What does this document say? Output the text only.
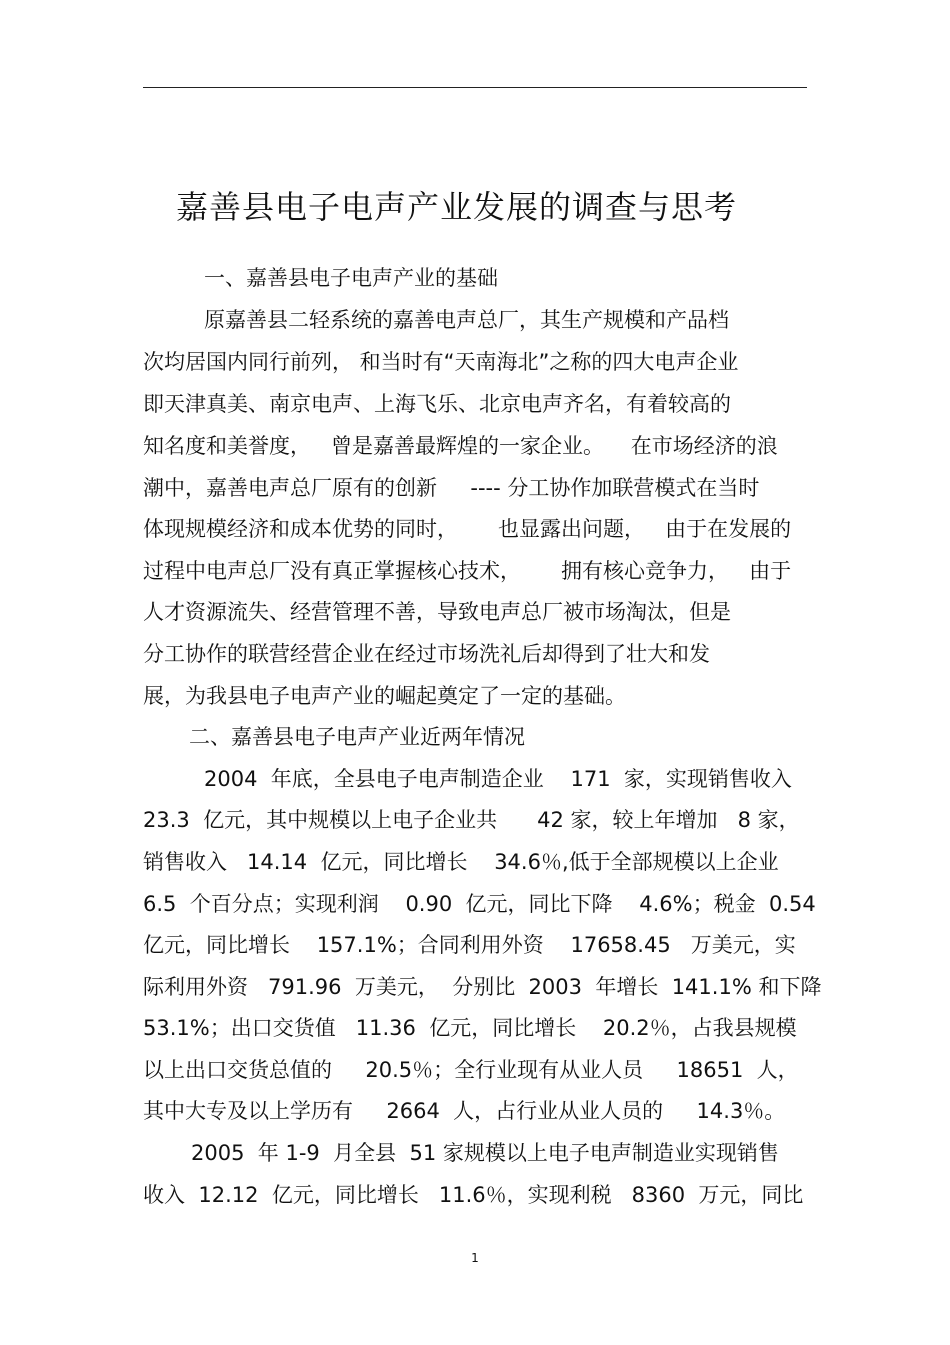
嘉善县电子电声产业发展的调查与思考
一、嘉善县电子电声产业的基础
原嘉善县二轻系统的嘉善电声总厂，其生产规模和产品档
次均居国内同行前列， 和当时有“天南海北”之称的四大电声企业
即天津真美、南京电声、上海飞乐、北京电声齐名，有着较高的
知名度和美誉度，   曾是嘉善最辉煌的一家企业。    在市场经济的浪
潮中，嘉善电声总厂原有的创新     ---- 分工协作加联营模式在当时
体现规模经济和成本优势的同时，      也显露出问题，   由于在发展的
过程中电声总厂没有真正掌握核心技术，      拥有核心竞争力，   由于
人才资源流失、经营管理不善，导致电声总厂被市场淘汰，但是
分工协作的联营经营企业在经过市场洗礼后却得到了壮大和发
展，为我县电子电声产业的崛起奠定了一定的基础。
二、嘉善县电子电声产业近两年情况
2004  年底，全县电子电声制造企业    171  家，实现销售收入
23.3  亿元，其中规模以上电子企业共      42 家，较上年增加   8 家，
销售收入   14.14  亿元，同比增长    34.6％,低于全部规模以上企业
6.5  个百分点；实现利润    0.90  亿元，同比下降    4.6%；税金  0.54
亿元，同比增长    157.1%；合同利用外资    17658.45   万美元，实
际利用外资   791.96  万美元，  分别比  2003  年增长  141.1% 和下降
53.1%；出口交货值   11.36  亿元，同比增长    20.2％，占我县规模
以上出口交货总值的     20.5％；全行业现有从业人员     18651  人，
其中大专及以上学历有     2664  人，占行业从业人员的     14.3％。
2005  年 1-9  月全县  51 家规模以上电子电声制造业实现销售
收入  12.12  亿元，同比增长   11.6％，实现利税   8360  万元，同比
1
